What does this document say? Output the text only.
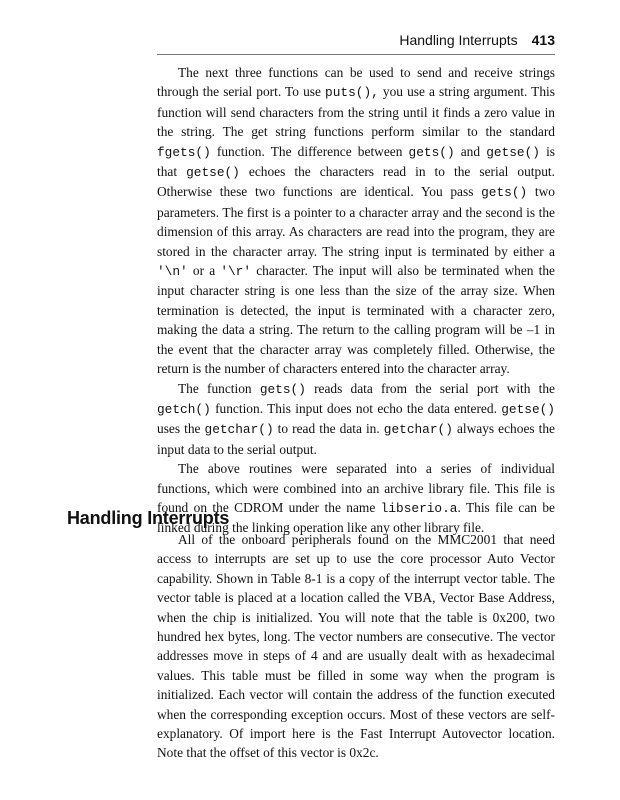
Handling Interrupts 413

The next three functions can be used to send and receive strings through the serial port. To use puts(), you use a string argument. This function will send characters from the string until it finds a zero value in the string. The get string functions perform similar to the standard fgets() function. The difference between gets() and getse() is that getse() echoes the characters read in to the serial output. Otherwise these two functions are identical. You pass gets() two parameters. The first is a pointer to a character array and the second is the dimension of this array. As characters are read into the program, they are stored in the character array. The string input is terminated by either a '\n' or a '\r' character. The input will also be terminated when the input character string is one less than the size of the array size. When termination is detected, the input is terminated with a character zero, making the data a string. The return to the calling program will be –1 in the event that the character array was completely filled. Otherwise, the return is the number of characters entered into the character array.

The function gets() reads data from the serial port with the getch() function. This input does not echo the data entered. getse() uses the getchar() to read the data in. getchar() always echoes the input data to the serial output.

The above routines were separated into a series of individual functions, which were combined into an archive library file. This file is found on the CDROM under the name libserio.a. This file can be linked during the linking operation like any other library file.

Handling Interrupts

All of the onboard peripherals found on the MMC2001 that need access to interrupts are set up to use the core processor Auto Vector capability. Shown in Table 8-1 is a copy of the interrupt vector table. The vector table is placed at a location called the VBA, Vector Base Address, when the chip is initialized. You will note that the table is 0x200, two hundred hex bytes, long. The vector numbers are consecutive. The vector addresses move in steps of 4 and are usually dealt with as hexadecimal values. This table must be filled in some way when the program is initialized. Each vector will contain the address of the function executed when the corresponding exception occurs. Most of these vectors are self-explanatory. Of import here is the Fast Interrupt Autovector location. Note that the offset of this vector is 0x2c.
